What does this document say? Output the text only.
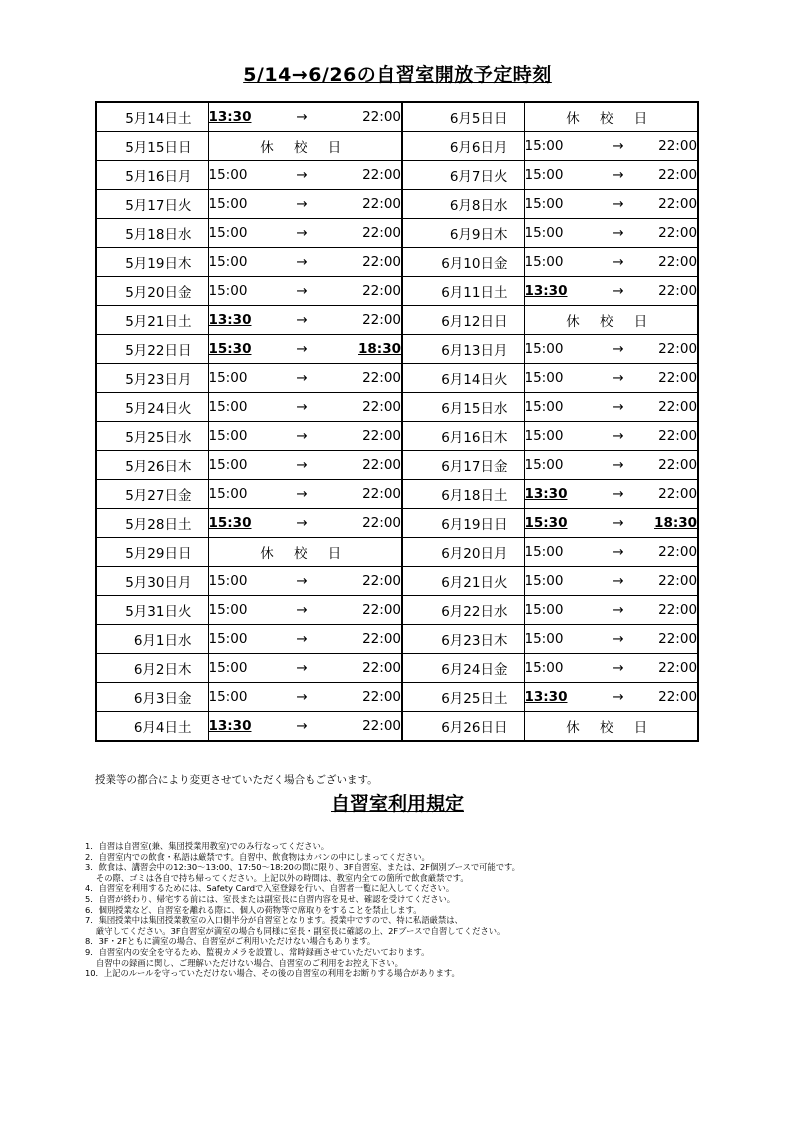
5/14→6/26の自習室開放予定時刻
5月14日	土	13:30	→	22:00	6月5日	日	休 校 日		
5月15日	日	休 校 日			6月6日	月	15:00	→	22:00
5月16日	月	15:00	→	22:00	6月7日	火	15:00	→	22:00
5月17日	火	15:00	→	22:00	6月8日	水	15:00	→	22:00
5月18日	水	15:00	→	22:00	6月9日	木	15:00	→	22:00
5月19日	木	15:00	→	22:00	6月10日	金	15:00	→	22:00
5月20日	金	15:00	→	22:00	6月11日	土	13:30	→	22:00
5月21日	土	13:30	→	22:00	6月12日	日	休 校 日		
5月22日	日	15:30	→	18:30	6月13日	月	15:00	→	22:00
5月23日	月	15:00	→	22:00	6月14日	火	15:00	→	22:00
5月24日	火	15:00	→	22:00	6月15日	水	15:00	→	22:00
5月25日	水	15:00	→	22:00	6月16日	木	15:00	→	22:00
5月26日	木	15:00	→	22:00	6月17日	金	15:00	→	22:00
5月27日	金	15:00	→	22:00	6月18日	土	13:30	→	22:00
5月28日	土	15:30	→	22:00	6月19日	日	15:30	→	18:30
5月29日	日	休 校 日			6月20日	月	15:00	→	22:00
5月30日	月	15:00	→	22:00	6月21日	火	15:00	→	22:00
5月31日	火	15:00	→	22:00	6月22日	水	15:00	→	22:00
6月1日	水	15:00	→	22:00	6月23日	木	15:00	→	22:00
6月2日	木	15:00	→	22:00	6月24日	金	15:00	→	22:00
6月3日	金	15:00	→	22:00	6月25日	土	13:30	→	22:00
6月4日	土	13:30	→	22:00	6月26日	日	休 校 日		
授業等の都合により変更させていただく場合もございます。
自習室利用規定
1．自習は自習室(兼、集団授業用教室)でのみ行なってください。
2．自習室内での飲食・私語は厳禁です。自習中、飲食物はカバンの中にしまってください。
3．飲食は、講習会中の12:30～13:00、17:50～18:20の間に限り、3F自習室、または、2F個別ブースで可能です。
　 その際、ゴミは各自で持ち帰ってください。上記以外の時間は、教室内全ての箇所で飲食厳禁です。
4．自習室を利用するためには、Safety Cardで入室登録を行い、自習者一覧に記入してください。
5．自習が終わり、帰宅する前には、室長または副室長に自習内容を見せ、確認を受けてください。
6．個別授業など、自習室を離れる際に、個人の荷物等で席取りをすることを禁止します。
7．集団授業中は集団授業教室の入口側半分が自習室となります。授業中ですので、特に私語厳禁は、
　 厳守してください。3F自習室が満室の場合も同様に室長・副室長に確認の上、2Fブースで自習してください。
8．3F・2Fともに満室の場合、自習室がご利用いただけない場合もあります。
9．自習室内の安全を守るため、監視カメラを設置し、常時録画させていただいております。
　 自習中の録画に関し、ご理解いただけない場合、自習室のご利用をお控え下さい。
10．上記のルールを守っていただけない場合、その後の自習室の利用をお断りする場合があります。
